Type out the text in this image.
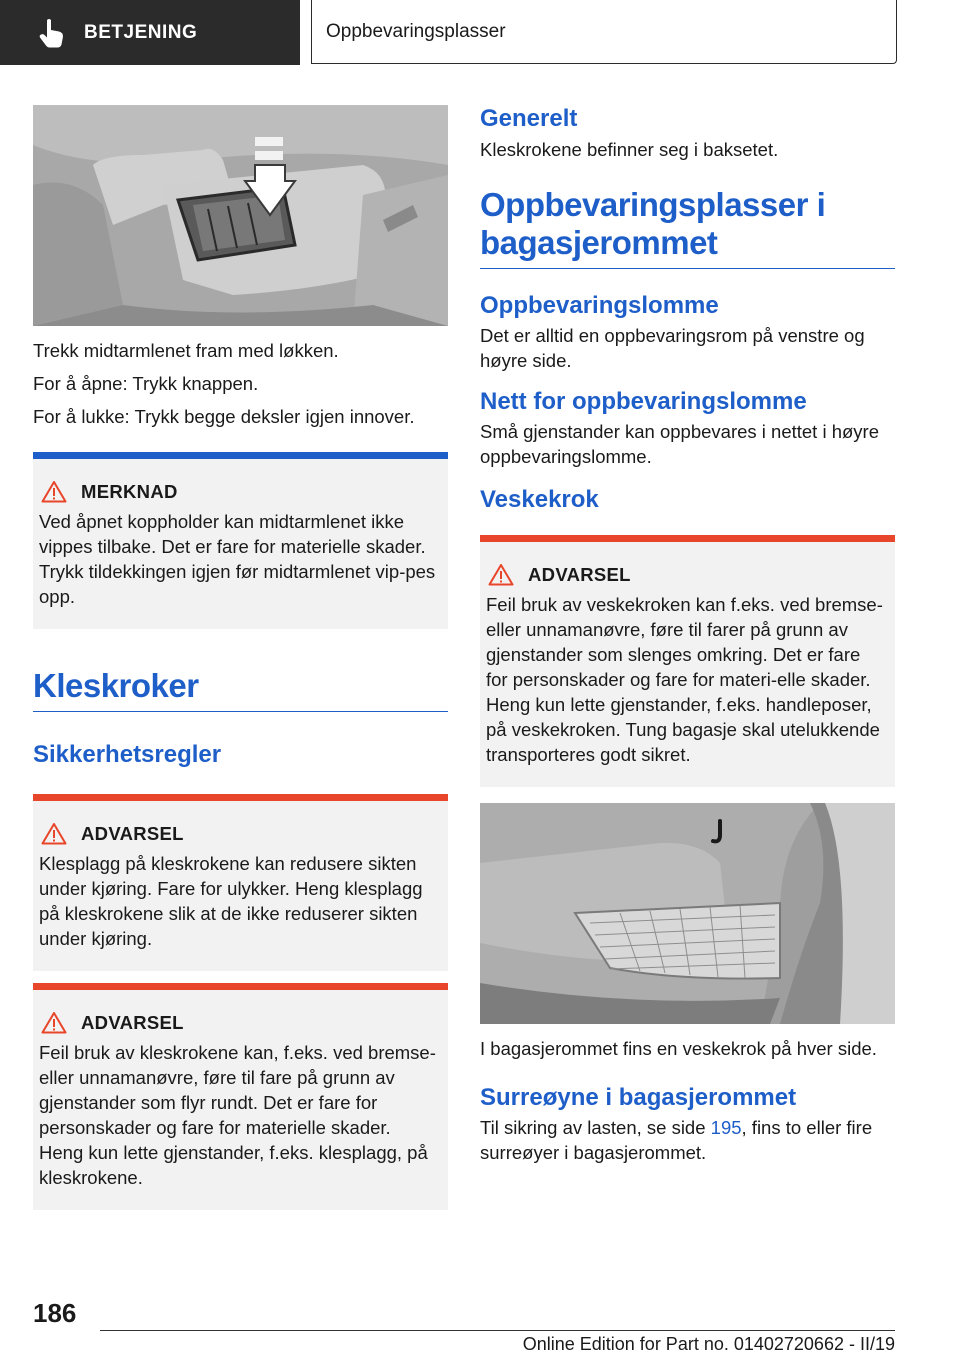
BETJENING	Oppbevaringsplasser

Trekk midtarmlenet fram med løkken.

For å åpne: Trykk knappen.

For å lukke: Trykk begge deksler igjen innover.

MERKNAD

Ved åpnet koppholder kan midtarmlenet ikke vippes tilbake. Det er fare for materielle skader. Trykk tildekkingen igjen før midtarmlenet vip-pes opp.

Kleskroker
Sikkerhetsregler
ADVARSEL

Klesplagg på kleskrokene kan redusere sikten under kjøring. Fare for ulykker. Heng klesplagg på kleskrokene slik at de ikke reduserer sikten under kjøring.

ADVARSEL

Feil bruk av kleskrokene kan, f.eks. ved bremse- eller unnamanøvre, føre til fare på grunn av gjenstander som flyr rundt. Det er fare for personskader og fare for materielle skader. Heng kun lette gjenstander, f.eks. klesplagg, på kleskrokene.

Generelt

Kleskrokene befinner seg i baksetet.

Oppbevaringsplasser i bagasjerommet
Oppbevaringslomme

Det er alltid en oppbevaringsrom på venstre og høyre side.

Nett for oppbevaringslomme

Små gjenstander kan oppbevares i nettet i høyre oppbevaringslomme.

Veskekrok
ADVARSEL

Feil bruk av veskekroken kan f.eks. ved bremse- eller unnamanøvre, føre til farer på grunn av gjenstander som slenges omkring. Det er fare for personskader og fare for materi-elle skader. Heng kun lette gjenstander, f.eks. handleposer, på veskekroken. Tung bagasje skal utelukkende transporteres godt sikret.

I bagasjerommet fins en veskekrok på hver side.

Surreøyne i bagasjerommet

Til sikring av lasten, se side 195, fins to eller fire surreøyer i bagasjerommet.

186
Online Edition for Part no. 01402720662 - II/19
